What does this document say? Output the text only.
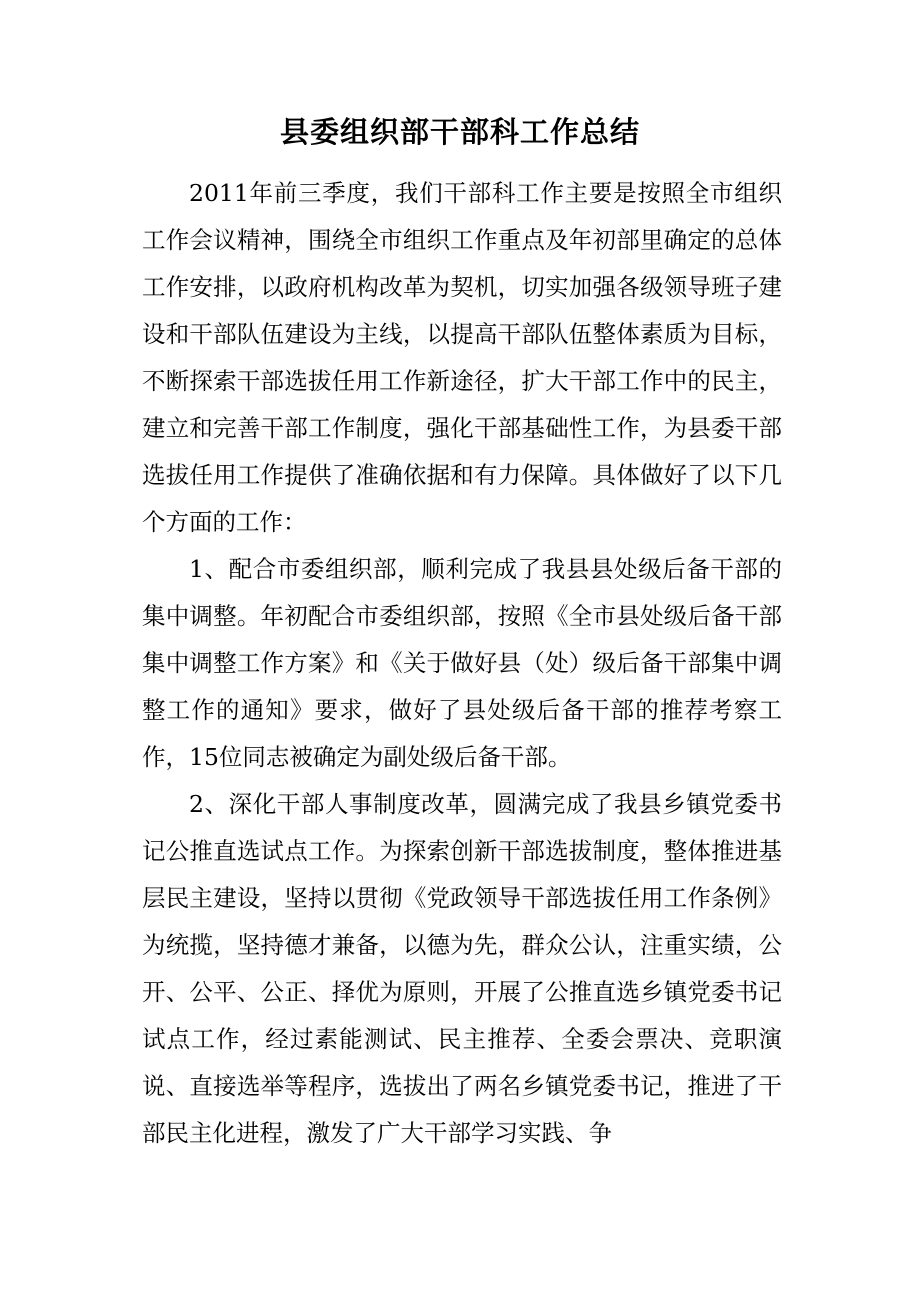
县委组织部干部科工作总结

2011年前三季度，我们干部科工作主要是按照全市组织工作会议精神，围绕全市组织工作重点及年初部里确定的总体工作安排，以政府机构改革为契机，切实加强各级领导班子建设和干部队伍建设为主线，以提高干部队伍整体素质为目标，不断探索干部选拔任用工作新途径，扩大干部工作中的民主，建立和完善干部工作制度，强化干部基础性工作，为县委干部选拔任用工作提供了准确依据和有力保障。具体做好了以下几个方面的工作：

1、配合市委组织部，顺利完成了我县县处级后备干部的集中调整。年初配合市委组织部，按照《全市县处级后备干部集中调整工作方案》和《关于做好县（处）级后备干部集中调整工作的通知》要求，做好了县处级后备干部的推荐考察工作，15位同志被确定为副处级后备干部。

2、深化干部人事制度改革，圆满完成了我县乡镇党委书记公推直选试点工作。为探索创新干部选拔制度，整体推进基层民主建设，坚持以贯彻《党政领导干部选拔任用工作条例》为统揽，坚持德才兼备，以德为先，群众公认，注重实绩，公开、公平、公正、择优为原则，开展了公推直选乡镇党委书记试点工作，经过素能测试、民主推荐、全委会票决、竞职演说、直接选举等程序，选拔出了两名乡镇党委书记，推进了干部民主化进程，激发了广大干部学习实践、争
